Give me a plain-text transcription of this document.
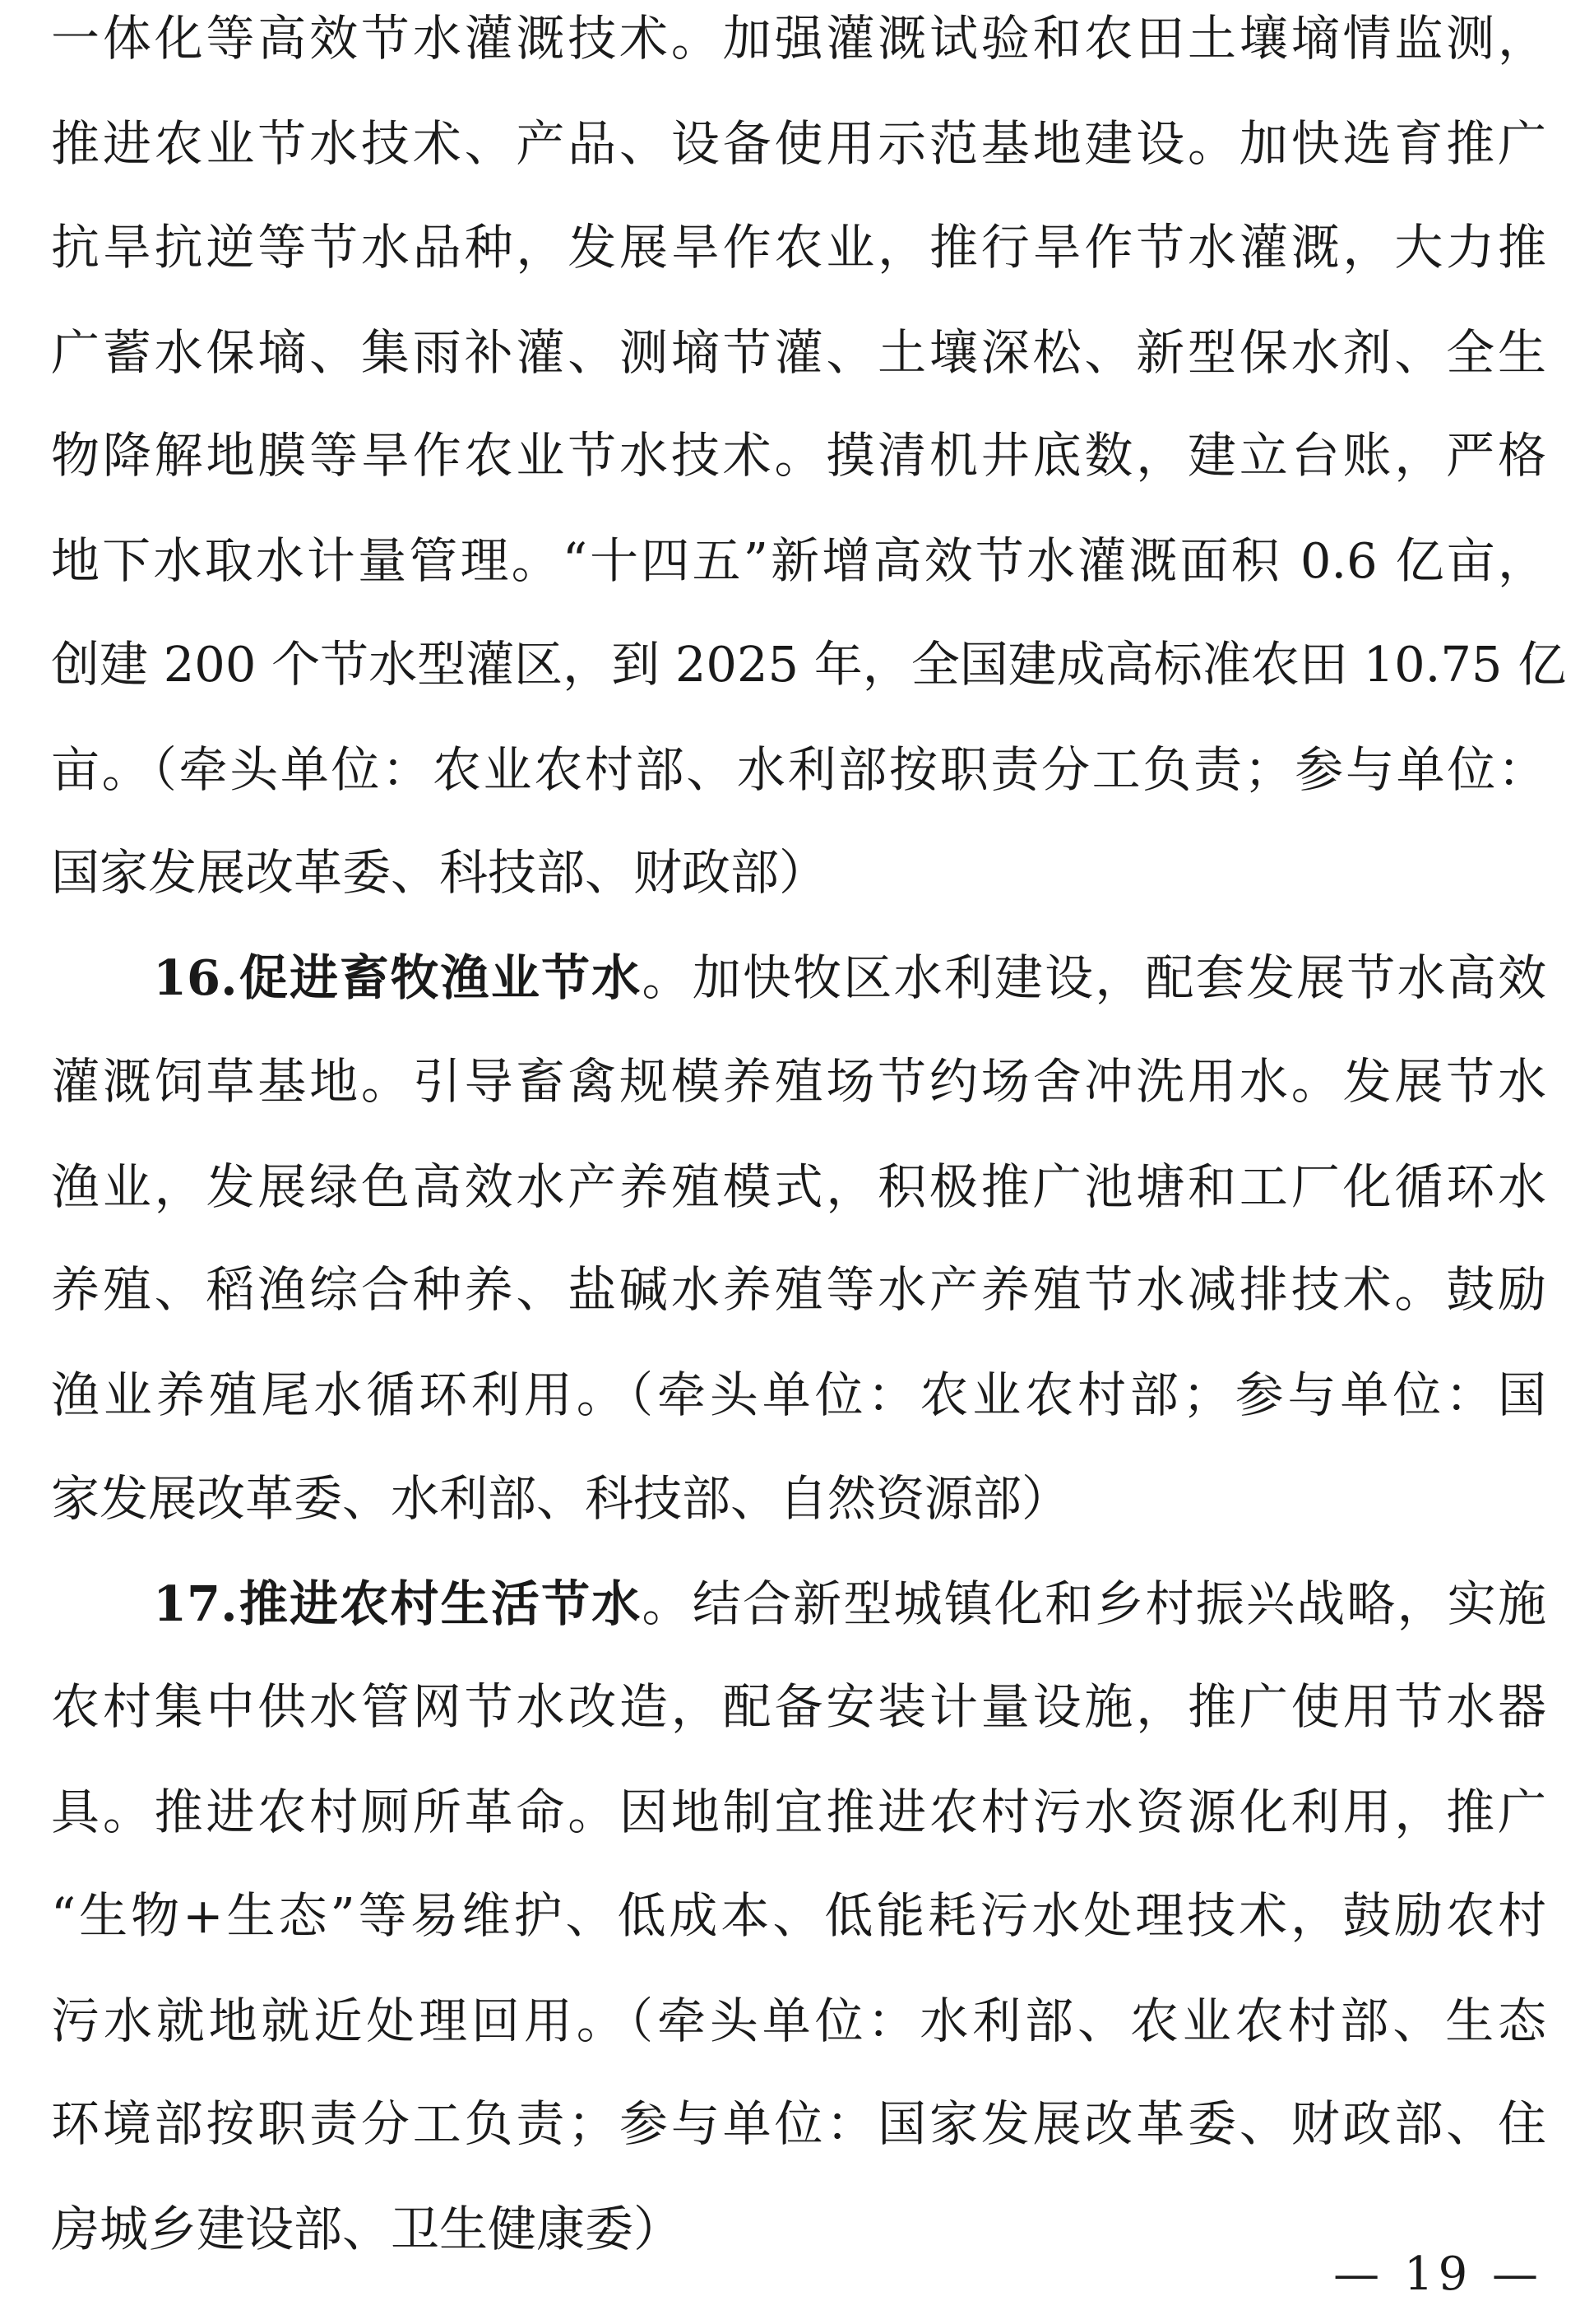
一体化等高效节水灌溉技术。加强灌溉试验和农田土壤墒情监测，
推进农业节水技术、产品、设备使用示范基地建设。加快选育推广
抗旱抗逆等节水品种，发展旱作农业，推行旱作节水灌溉，大力推
广蓄水保墒、集雨补灌、测墒节灌、土壤深松、新型保水剂、全生
物降解地膜等旱作农业节水技术。摸清机井底数，建立台账，严格
地下水取水计量管理。“十四五”新增高效节水灌溉面积 0.6 亿亩，
创建 200 个节水型灌区，到 2025 年，全国建成高标准农田 10.75 亿
亩。（牵头单位：农业农村部、水利部按职责分工负责；参与单位：
国家发展改革委、科技部、财政部）
16.促进畜牧渔业节水。加快牧区水利建设，配套发展节水高效
灌溉饲草基地。引导畜禽规模养殖场节约场舍冲洗用水。发展节水
渔业，发展绿色高效水产养殖模式，积极推广池塘和工厂化循环水
养殖、稻渔综合种养、盐碱水养殖等水产养殖节水减排技术。鼓励
渔业养殖尾水循环利用。（牵头单位：农业农村部；参与单位：国
家发展改革委、水利部、科技部、自然资源部）
17.推进农村生活节水。结合新型城镇化和乡村振兴战略，实施
农村集中供水管网节水改造，配备安装计量设施，推广使用节水器
具。推进农村厕所革命。因地制宜推进农村污水资源化利用，推广
“生物+生态”等易维护、低成本、低能耗污水处理技术，鼓励农村
污水就地就近处理回用。（牵头单位：水利部、农业农村部、生态
环境部按职责分工负责；参与单位：国家发展改革委、财政部、住
房城乡建设部、卫生健康委）
— 19 —
